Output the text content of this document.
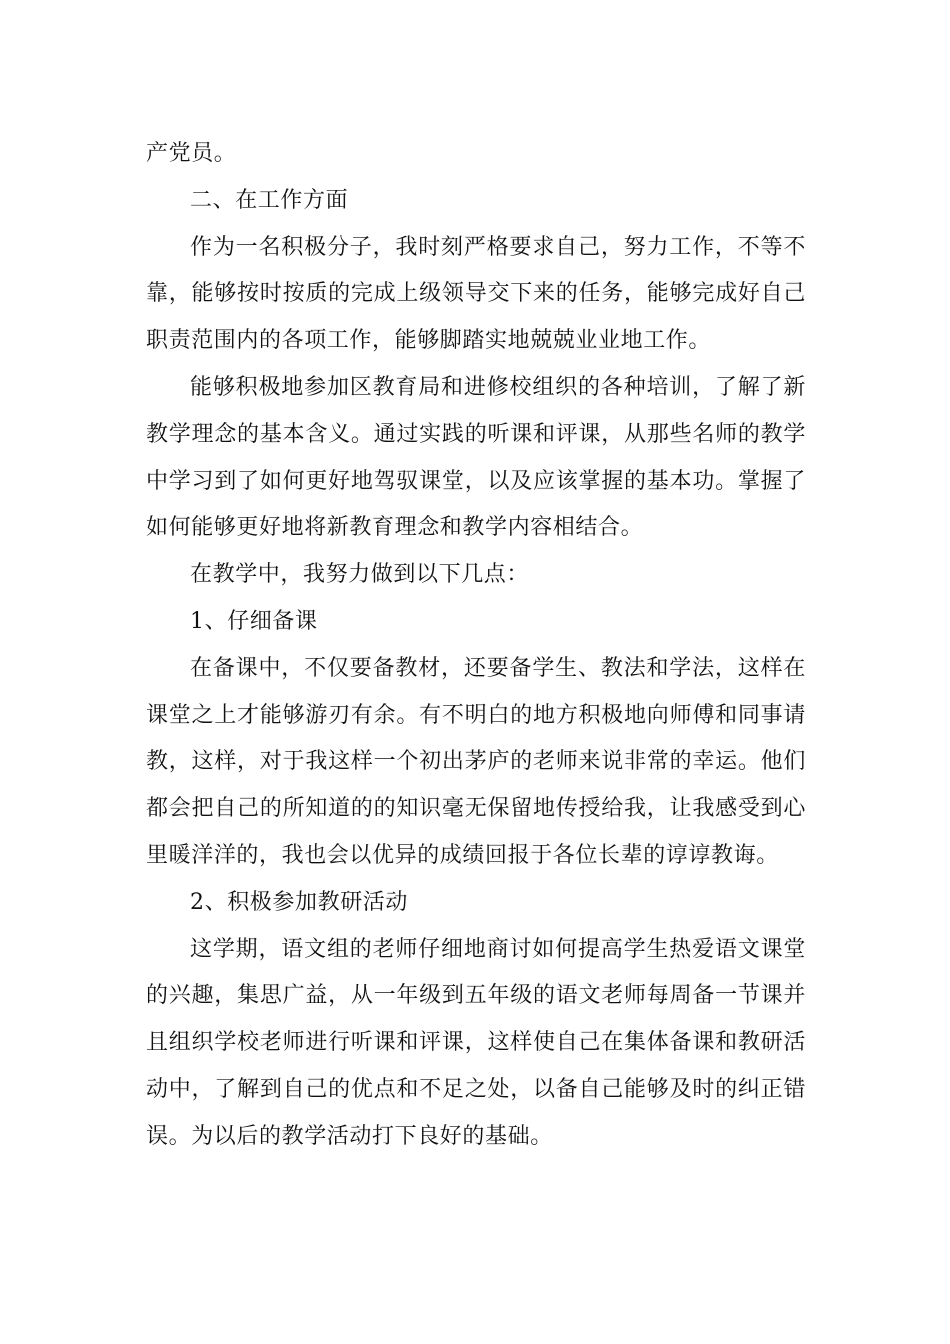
产党员。

二、在工作方面

作为一名积极分子，我时刻严格要求自己，努力工作，不等不靠，能够按时按质的完成上级领导交下来的任务，能够完成好自己职责范围内的各项工作，能够脚踏实地兢兢业业地工作。

能够积极地参加区教育局和进修校组织的各种培训，了解了新教学理念的基本含义。通过实践的听课和评课，从那些名师的教学中学习到了如何更好地驾驭课堂，以及应该掌握的基本功。掌握了如何能够更好地将新教育理念和教学内容相结合。

在教学中，我努力做到以下几点：

1、仔细备课

在备课中，不仅要备教材，还要备学生、教法和学法，这样在课堂之上才能够游刃有余。有不明白的地方积极地向师傅和同事请教，这样，对于我这样一个初出茅庐的老师来说非常的幸运。他们都会把自己的所知道的的知识毫无保留地传授给我，让我感受到心里暖洋洋的，我也会以优异的成绩回报于各位长辈的谆谆教诲。

2、积极参加教研活动

这学期，语文组的老师仔细地商讨如何提高学生热爱语文课堂的兴趣，集思广益，从一年级到五年级的语文老师每周备一节课并且组织学校老师进行听课和评课，这样使自己在集体备课和教研活动中，了解到自己的优点和不足之处，以备自己能够及时的纠正错误。为以后的教学活动打下良好的基础。
